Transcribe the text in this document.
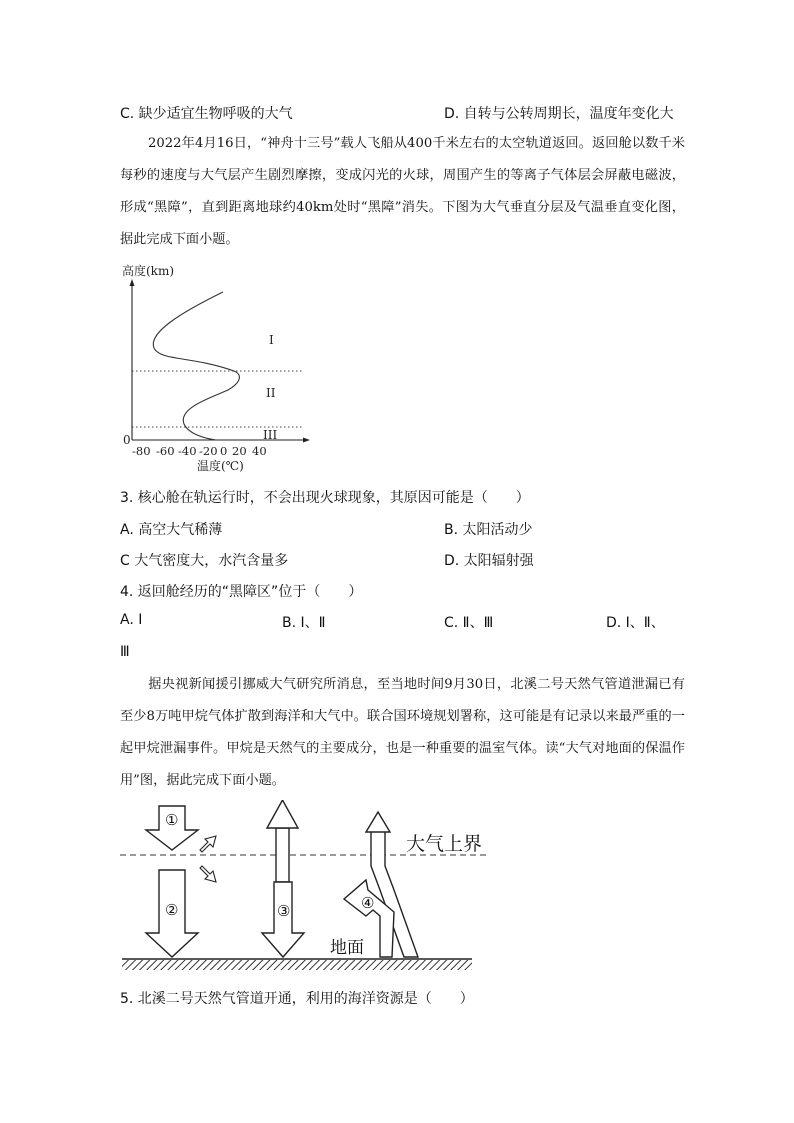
C. 缺少适宜生物呼吸的大气	D. 自转与公转周期长，温度年变化大
2022年4月16日，“神舟十三号”载人飞船从400千米左右的太空轨道返回。返回舱以数千米每秒的速度与大气层产生剧烈摩擦，变成闪光的火球，周围产生的等离子气体层会屏蔽电磁波，形成“黑障”，直到距离地球约40km处时“黑障”消失。下图为大气垂直分层及气温垂直变化图，据此完成下面小题。
高度(km)
0
I
II
III
-80 -60 -40 -20 0 20 40
温度(℃)
3. 核心舱在轨运行时，不会出现火球现象，其原因可能是（　　）
A. 高空大气稀薄	B. 太阳活动少
C 大气密度大，水汽含量多	D. 太阳辐射强
4. 返回舱经历的“黑障区”位于（　　）
A. Ⅰ	B. Ⅰ、Ⅱ	C. Ⅱ、Ⅲ	D. Ⅰ、Ⅱ、
Ⅲ
据央视新闻援引挪威大气研究所消息，至当地时间9月30日，北溪二号天然气管道泄漏已有至少8万吨甲烷气体扩散到海洋和大气中。联合国环境规划署称，这可能是有记录以来最严重的一起甲烷泄漏事件。甲烷是天然气的主要成分，也是一种重要的温室气体。读“大气对地面的保温作用”图，据此完成下面小题。
大气上界
地面
①
②	③	④
5. 北溪二号天然气管道开通，利用的海洋资源是（　　）
